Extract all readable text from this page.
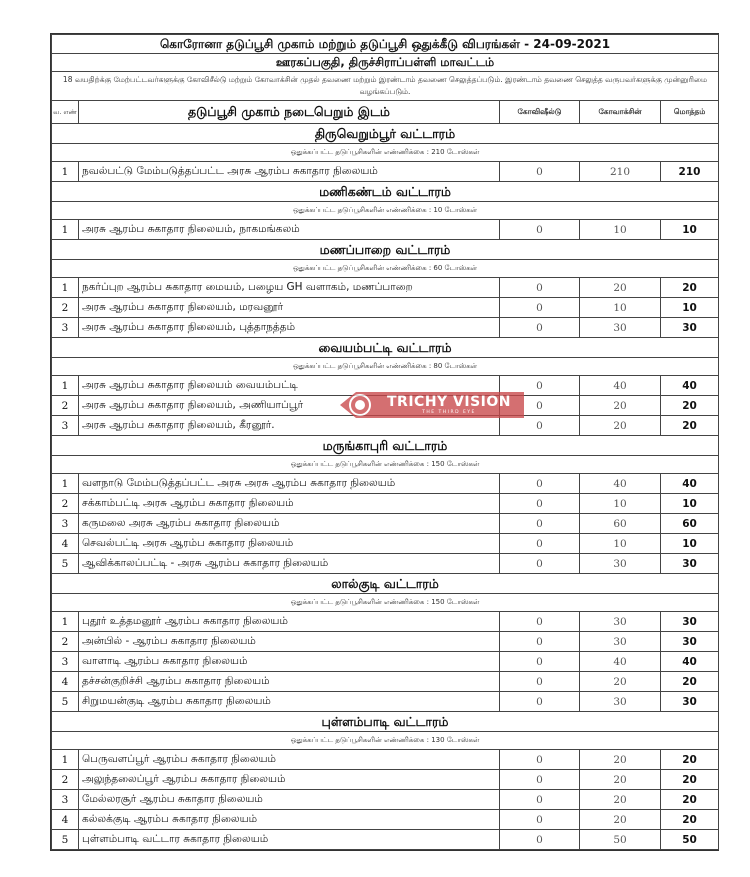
கொரோனா தடுப்பூசி முகாம் மற்றும் தடுப்பூசி ஒதுக்கீடு விபரங்கள் - 24-09-2021				
ஊரகப்பகுதி, திருச்சிராப்பள்ளி மாவட்டம்				
18 வயதிற்க்கு மேற்பட்டவர்களுக்கு கோவிசீல்டு மற்றும் கோவாக்சின் முதல் தவணை மற்றும் இரண்டாம் தவணை செலுத்தப்படும். இரண்டாம் தவணை செலுத்த வருபவர்களுக்கு முன்னுரிமை வழங்கப்படும்.				
வ. எண்	தடுப்பூசி முகாம் நடைபெறும் இடம்	கோவிஷீல்டு	கோவாக்சின்	மொத்தம்
திருவெறும்பூர் வட்டாரம்				
ஒதுக்கப்பட்ட தடுப்பூசிகளின் எண்ணிக்கை : 210 டோஸ்கள்				
1	நவல்பட்டு மேம்படுத்தப்பட்ட அரசு ஆரம்ப சுகாதார நிலையம்	0	210	210
மணிகண்டம் வட்டாரம்				
ஒதுக்கப்பட்ட தடுப்பூசிகளின் எண்ணிக்கை : 10 டோஸ்கள்				
1	அரசு ஆரம்ப சுகாதார நிலையம், நாகமங்கலம்	0	10	10
மணப்பாறை வட்டாரம்				
ஒதுக்கப்பட்ட தடுப்பூசிகளின் எண்ணிக்கை : 60 டோஸ்கள்				
1	நகர்ப்புற ஆரம்ப சுகாதார மையம், பழைய GH வளாகம், மணப்பாறை	0	20	20
2	அரசு ஆரம்ப சுகாதார நிலையம், மரவனூர்	0	10	10
3	அரசு ஆரம்ப சுகாதார நிலையம், புத்தாநத்தம்	0	30	30
வையம்பட்டி வட்டாரம்				
ஒதுக்கப்பட்ட தடுப்பூசிகளின் எண்ணிக்கை : 80 டோஸ்கள்				
1	அரசு ஆரம்ப சுகாதார நிலையம் வையம்பட்டி	0	40	40
2	அரசு ஆரம்ப சுகாதார நிலையம், அணியாப்பூர்	0	20	20
3	அரசு ஆரம்ப சுகாதார நிலையம், கீரனூர்.	0	20	20
மருங்காபுரி வட்டாரம்				
ஒதுக்கப்பட்ட தடுப்பூசிகளின் எண்ணிக்கை : 150 டோஸ்கள்				
1	வளநாடு மேம்படுத்தப்பட்ட அரசு அரசு ஆரம்ப சுகாதார நிலையம்	0	40	40
2	சக்காம்பட்டி அரசு ஆரம்ப சுகாதார நிலையம்	0	10	10
3	கருமலை அரசு ஆரம்ப சுகாதார நிலையம்	0	60	60
4	செவல்பட்டி அரசு ஆரம்ப சுகாதார நிலையம்	0	10	10
5	ஆவிக்காலப்பட்டி - அரசு ஆரம்ப சுகாதார நிலையம்	0	30	30
லால்குடி வட்டாரம்				
ஒதுக்கப்பட்ட தடுப்பூசிகளின் எண்ணிக்கை : 150 டோஸ்கள்				
1	புதூர் உத்தமனூர் ஆரம்ப சுகாதார நிலையம்	0	30	30
2	அன்பில் - ஆரம்ப சுகாதார நிலையம்	0	30	30
3	வாளாடி ஆரம்ப சுகாதார நிலையம்	0	40	40
4	தச்சன்குறிச்சி ஆரம்ப சுகாதார நிலையம்	0	20	20
5	சிறுமயன்குடி ஆரம்ப சுகாதார நிலையம்	0	30	30
புள்ளம்பாடி வட்டாரம்				
ஒதுக்கப்பட்ட தடுப்பூசிகளின் எண்ணிக்கை : 130 டோஸ்கள்				
1	பெருவளப்பூர் ஆரம்ப சுகாதார நிலையம்	0	20	20
2	அலுந்தலைப்பூர் ஆரம்ப சுகாதார நிலையம்	0	20	20
3	மேல்லரசூர் ஆரம்ப சுகாதார நிலையம்	0	20	20
4	கல்லக்குடி ஆரம்ப சுகாதார நிலையம்	0	20	20
5	புள்ளம்பாடி வட்டார சுகாதார நிலையம்	0	50	50
TRICHY VISION
THE THIRD EYE
